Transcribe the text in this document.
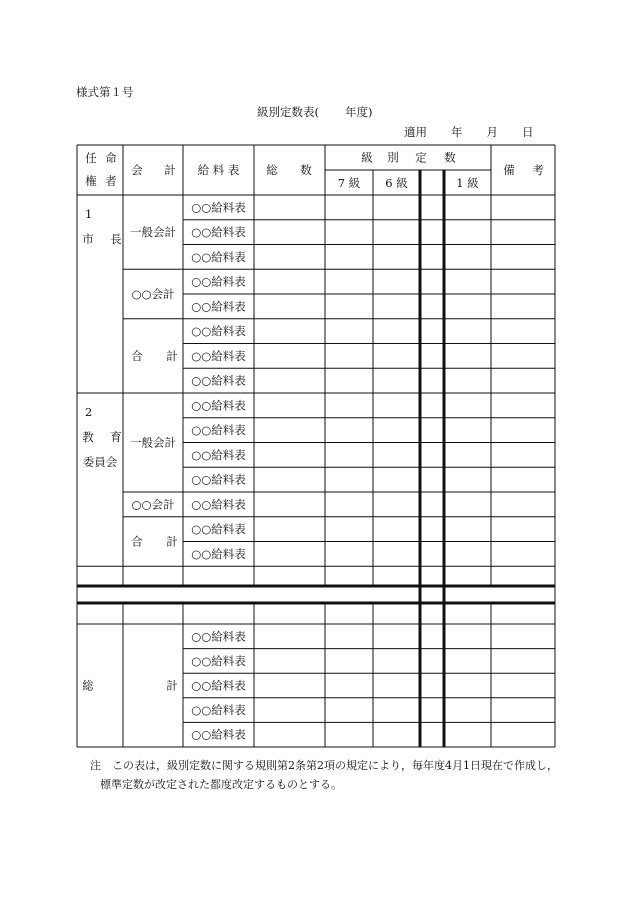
様式第１号
級別定数表( 年度)
適用 年 月 日
任 命
権 者
会 計 給 料 表 総 数
級 別 定 数
7 級 6 級	1 級
備 考
○○給料表
○○給料表
○○給料表
○○給料表
○○給料表
○○給料表
○○給料表
○○給料表
○○給料表
○○給料表
○○給料表
○○給料表
○○給料表
○○給料表
○○給料表
1
市 長
2
教 育
委員会
一般会計
○○会計
合 計
一般会計
○○会計
合 計
○○給料表
○○給料表
○○給料表
○○給料表
○○給料表
総	計
注　この表は，級別定数に関する規則第2条第2項の規定により，毎年度4月1日現在で作成し，
標準定数が改定された都度改定するものとする。
